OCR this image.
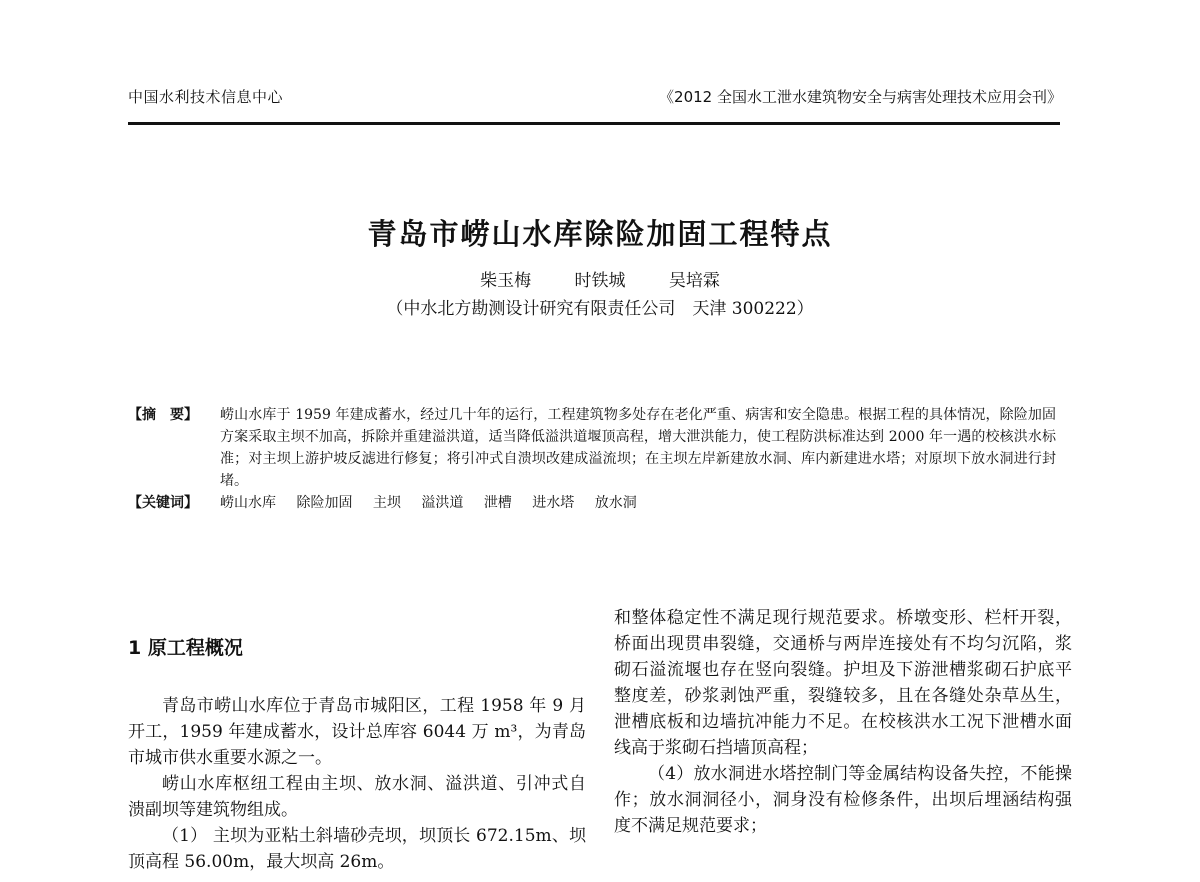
中国水利技术信息中心	《2012 全国水工泄水建筑物安全与病害处理技术应用会刊》
青岛市崂山水库除险加固工程特点
柴玉梅	时铁城	吴培霖
（中水北方勘测设计研究有限责任公司　天津 300222）
【摘　要】	崂山水库于 1959 年建成蓄水，经过几十年的运行，工程建筑物多处存在老化严重、病害和安全隐患。根据工程的具体情况，除险加固方案采取主坝不加高，拆除并重建溢洪道，适当降低溢洪道堰顶高程，增大泄洪能力，使工程防洪标准达到 2000 年一遇的校核洪水标准；对主坝上游护坡反滤进行修复；将引冲式自溃坝改建成溢流坝；在主坝左岸新建放水洞、库内新建进水塔；对原坝下放水洞进行封堵。
【关键词】	崂山水库 除险加固 主坝 溢洪道 泄槽 进水塔 放水洞

1 原工程概况

青岛市崂山水库位于青岛市城阳区，工程 1958 年 9 月开工，1959 年建成蓄水，设计总库容 6044 万 m³，为青岛市城市供水重要水源之一。

崂山水库枢纽工程由主坝、放水洞、溢洪道、引冲式自溃副坝等建筑物组成。

（1） 主坝为亚粘土斜墙砂壳坝，坝顶长 672.15m、坝顶高程 56.00m，最大坝高 26m。

和整体稳定性不满足现行规范要求。桥墩变形、栏杆开裂，桥面出现贯串裂缝，交通桥与两岸连接处有不均匀沉陷，浆砌石溢流堰也存在竖向裂缝。护坦及下游泄槽浆砌石护底平整度差，砂浆剥蚀严重，裂缝较多，且在各缝处杂草丛生，泄槽底板和边墙抗冲能力不足。在校核洪水工况下泄槽水面线高于浆砌石挡墙顶高程；

（4）放水洞进水塔控制门等金属结构设备失控，不能操作；放水洞洞径小，洞身没有检修条件，出坝后埋涵结构强度不满足规范要求；
